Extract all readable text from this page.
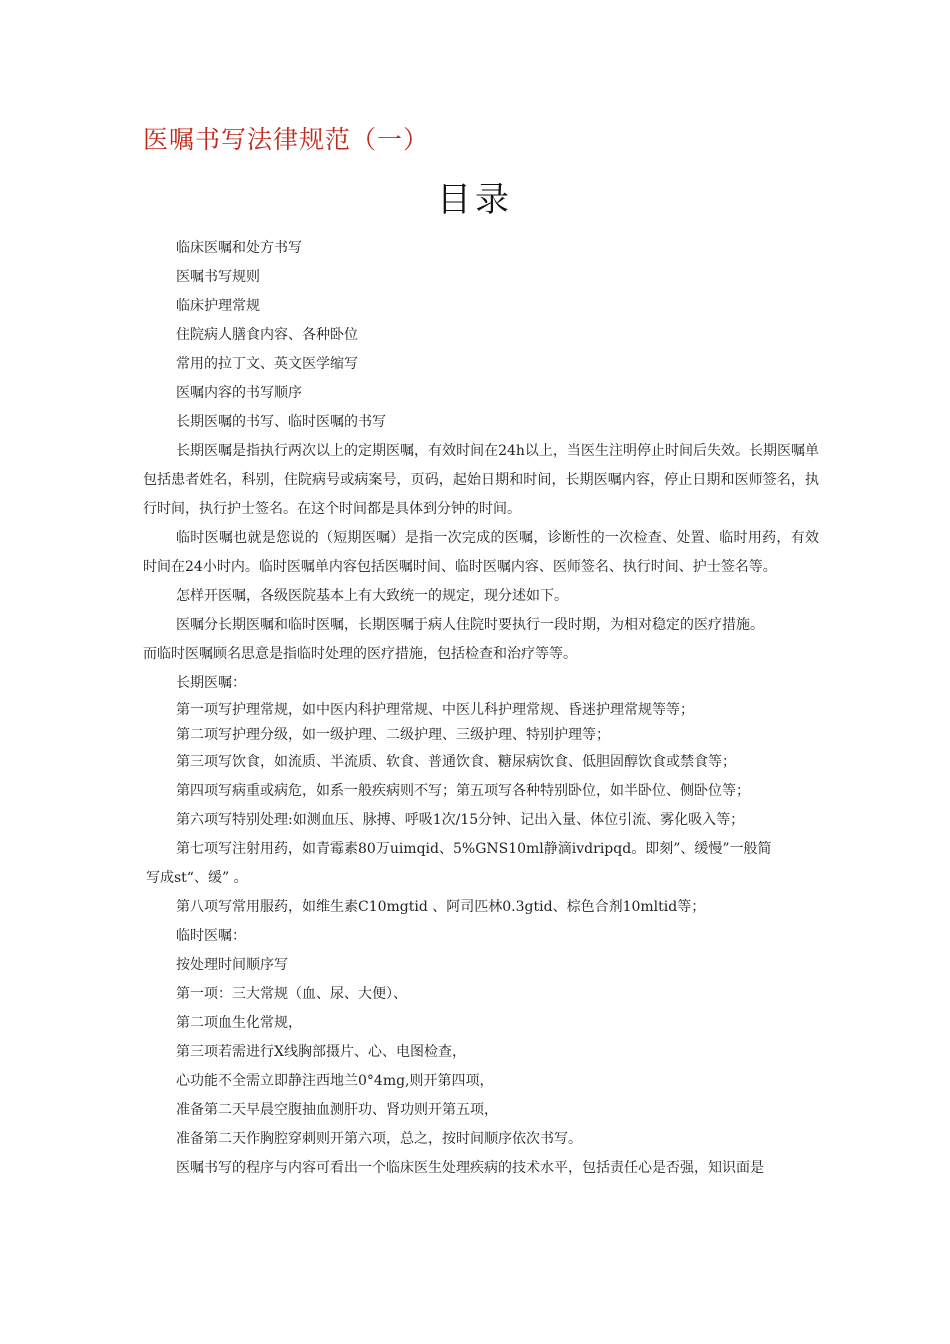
医嘱书写法律规范（一）
目录
临床医嘱和处方书写
医嘱书写规则
临床护理常规
住院病人膳食内容、各种卧位
常用的拉丁文、英文医学缩写
医嘱内容的书写顺序
长期医嘱的书写、临时医嘱的书写

长期医嘱是指执行两次以上的定期医嘱，有效时间在24h以上，当医生注明停止时间后失效。长期医嘱单包括患者姓名，科别，住院病号或病案号，页码，起始日期和时间，长期医嘱内容，停止日期和医师签名，执行时间，执行护士签名。在这个时间都是具体到分钟的时间。

临时医嘱也就是您说的（短期医嘱）是指一次完成的医嘱，诊断性的一次检查、处置、临时用药，有效时间在24小时内。临时医嘱单内容包括医嘱时间、临时医嘱内容、医师签名、执行时间、护士签名等。

怎样开医嘱，各级医院基本上有大致统一的规定，现分述如下。

医嘱分长期医嘱和临时医嘱，长期医嘱于病人住院时要执行一段时期，为相对稳定的医疗措施。
而临时医嘱顾名思意是指临时处理的医疗措施，包括检查和治疗等等。
长期医嘱：
第一项写护理常规，如中医内科护理常规、中医儿科护理常规、昏迷护理常规等等；
第二项写护理分级，如一级护理、二级护理、三级护理、特别护理等；
第三项写饮食，如流质、半流质、软食、普通饮食、糖尿病饮食、低胆固醇饮食或禁食等；
第四项写病重或病危，如系一般疾病则不写；第五项写各种特别卧位，如半卧位、侧卧位等；
第六项写特别处理:如测血压、脉搏、呼吸1次/15分钟、记出入量、体位引流、雾化吸入等；
第七项写注射用药，如青霉素80万uimqid、5%GNS10ml静滴ivdripqd。即刻”、缓慢”一般简
写成st“、缓” 。
第八项写常用服药，如维生素C10mgtid 、阿司匹林0.3gtid、棕色合剂10mltid等；
临时医嘱：
按处理时间顺序写
第一项：三大常规（血、尿、大便）、
第二项血生化常规，
第三项若需进行X线胸部摄片、心、电图检查，
心功能不全需立即静注西地兰0°4mg,则开第四项，
准备第二天早晨空腹抽血测肝功、肾功则开第五项，
准备第二天作胸腔穿刺则开第六项，总之，按时间顺序依次书写。
医嘱书写的程序与内容可看出一个临床医生处理疾病的技术水平，包括责任心是否强，知识面是
